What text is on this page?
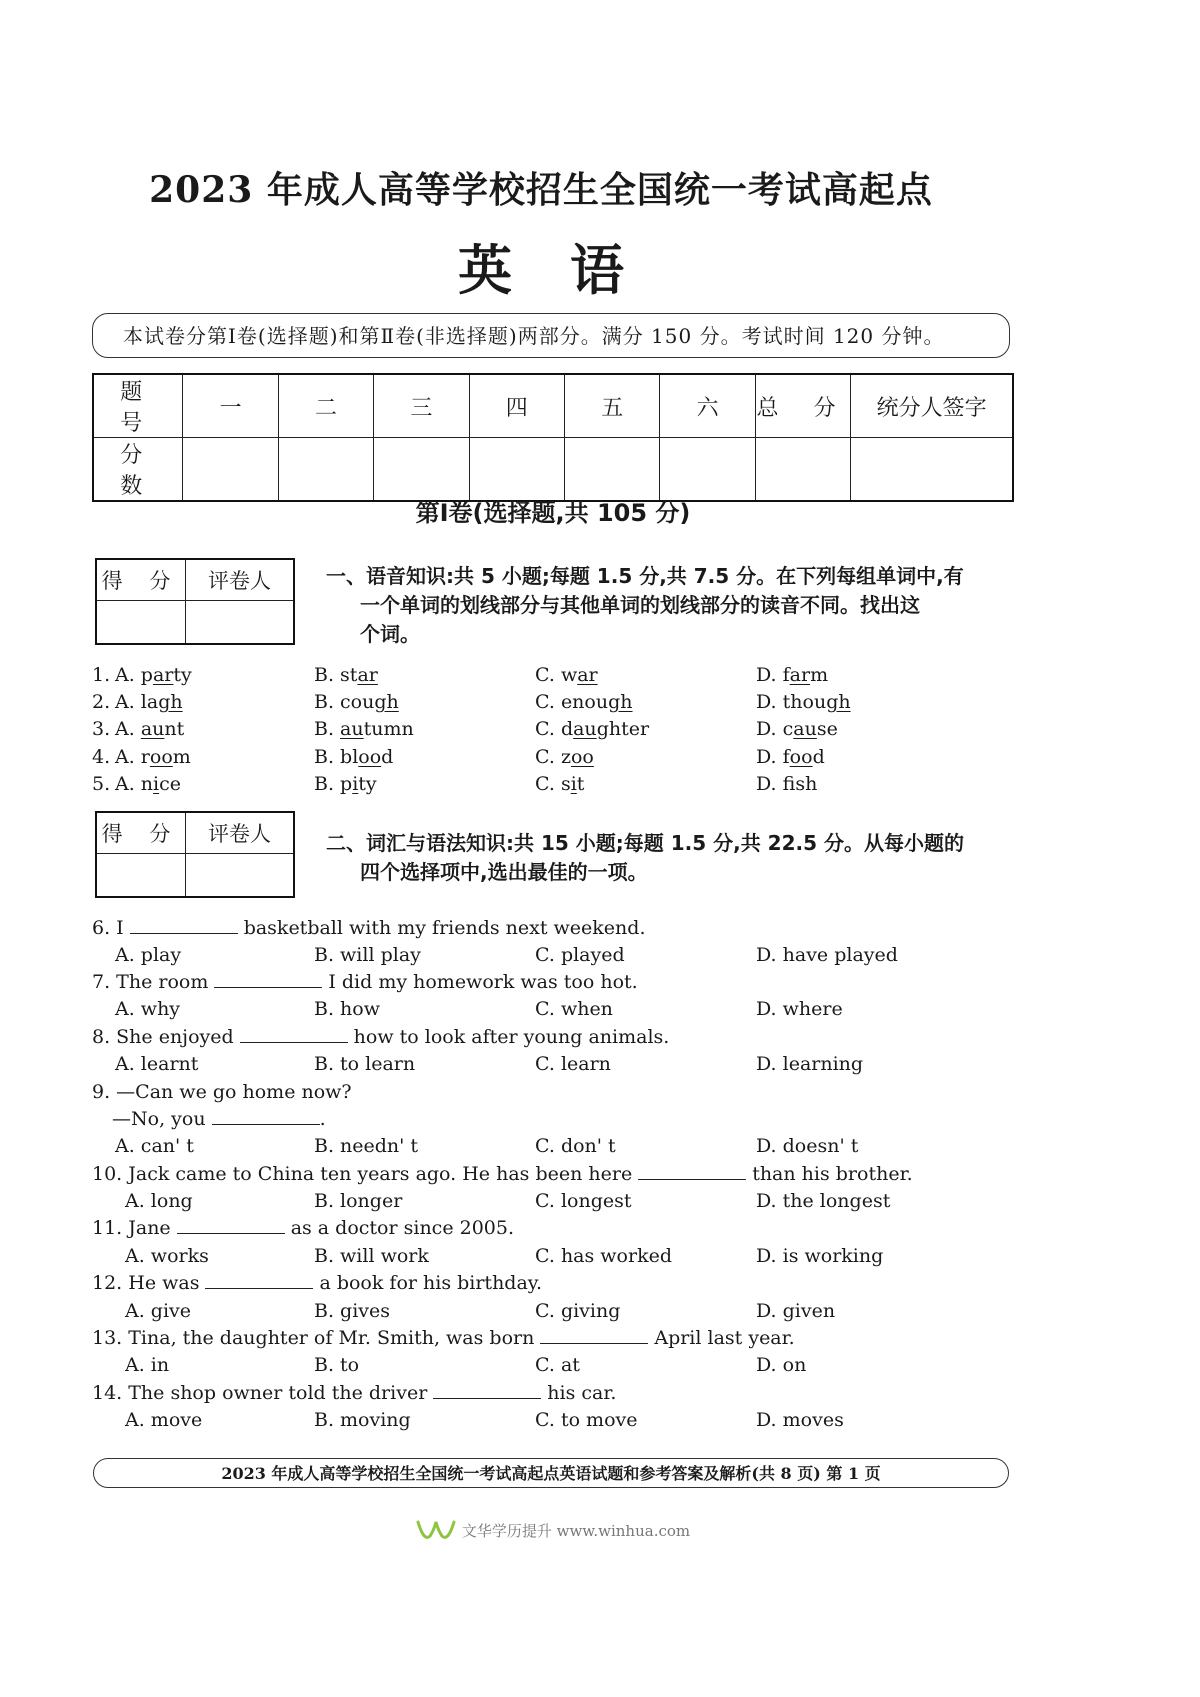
2023 年成人高等学校招生全国统一考试高起点
英语
本试卷分第Ⅰ卷(选择题)和第Ⅱ卷(非选择题)两部分。满分 150 分。考试时间 120 分钟。
题 号	一	二	三	四	五	六	总 分	统分人签字
分 数								
第Ⅰ卷(选择题,共 105 分)
得 分	评卷人
		一、语音知识:共 5 小题;每题 1.5 分,共 7.5 分。在下列每组单词中,有
一个单词的划线部分与其他单词的划线部分的读音不同。找出这
个词。
1. A. party	B. star	C. war	D. farm
2. A. lagh	B. cough	C. enough	D. though
3. A. aunt	B. autumn	C. daughter	D. cause
4. A. room	B. blood	C. zoo	D. food
5. A. nice	B. pity	C. sit	D. fsh
得 分	评卷人
		二、词汇与语法知识:共 15 小题;每题 1.5 分,共 22.5 分。从每小题的
四个选择项中,选出最佳的一项。
6. I	basketball with my friends next weekend.
A. play	B. will play	C. played	D. have played
7. The room	I did my homework was too hot.
A. why	B. how	C. when	D. where
8. She enjoyed	how to look after young animals.
A. learnt	B. to learn	C. learn	D. learning
9. —Can we go home now?
—No, you	.
A. can' t	B. needn' t	C. don' t	D. doesn' t
10. Jack came to China ten years ago. He has been here	than his brother.
A. long	B. longer	C. longest	D. the longest
11. Jane	as a doctor since 2005.
A. works	B. will work	C. has worked	D. is working
12. He was	a book for his birthday.
A. give	B. gives	C. giving	D. given
13. Tina, the daughter of Mr. Smith, was born	April last year.
A. in	B. to	C. at	D. on
14. The shop owner told the driver	his car.
A. move	B. moving	C. to move	D. moves
2023 年成人高等学校招生全国统一考试高起点英语试题和参考答案及解析(共 8 页) 第 1 页
文华学历提升 www.winhua.com
